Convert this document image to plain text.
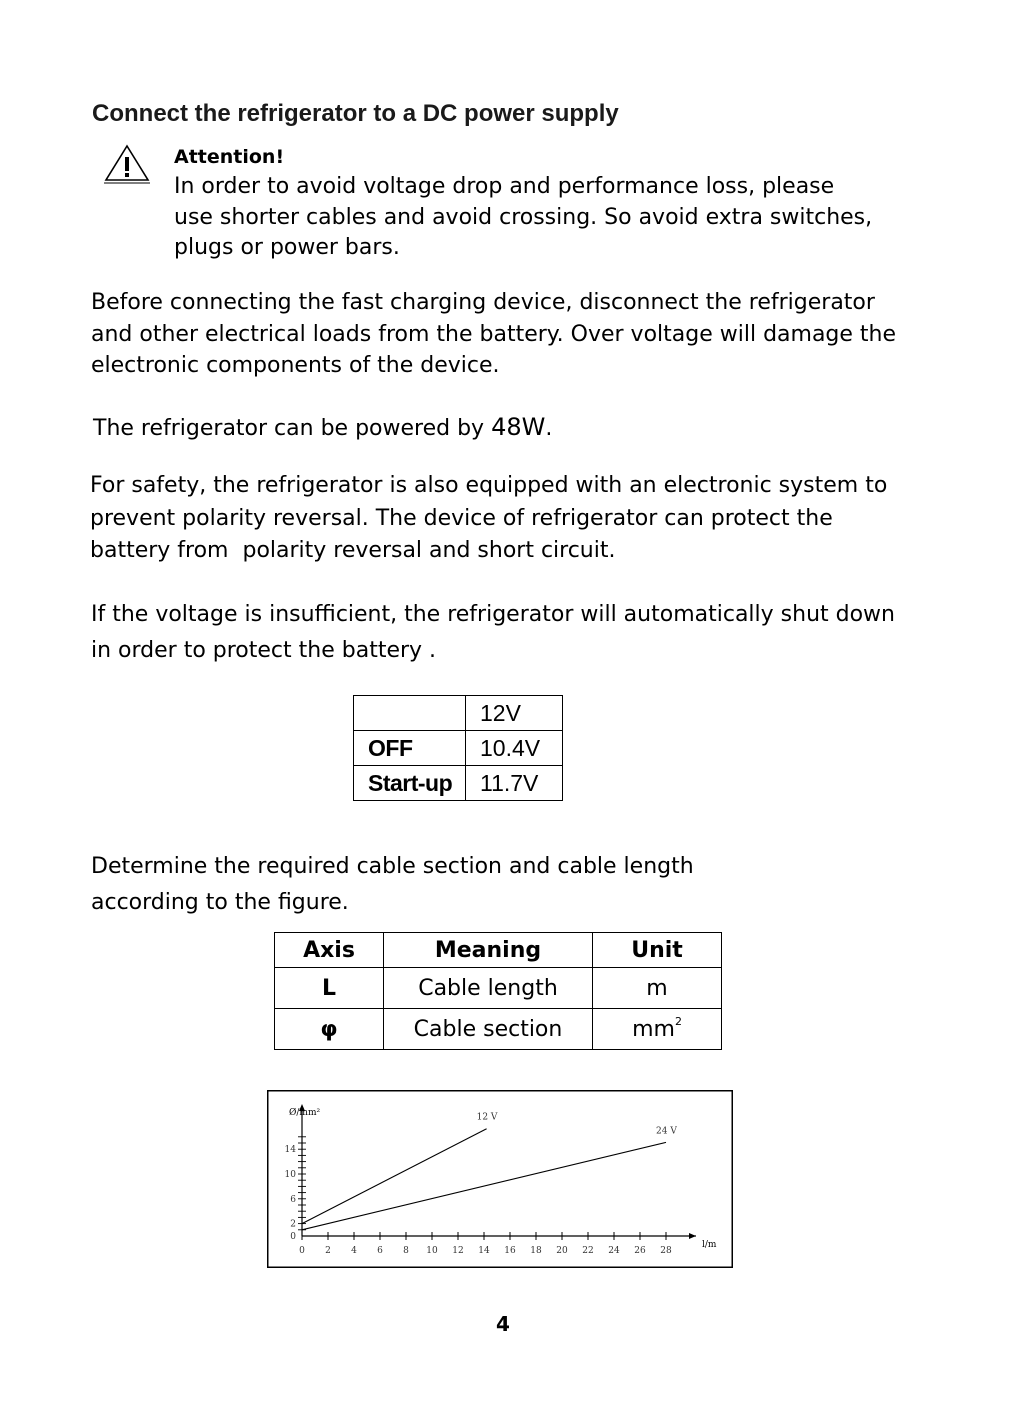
Connect the refrigerator to a DC power supply
Attention!
In order to avoid voltage drop and performance loss, please
use shorter cables and avoid crossing. So avoid extra switches,
plugs or power bars.
Before connecting the fast charging device, disconnect the refrigerator
and other electrical loads from the battery. Over voltage will damage the
electronic components of the device.
The refrigerator can be powered by 48W.
For safety, the refrigerator is also equipped with an electronic system to
prevent polarity reversal. The device of refrigerator can protect the
battery from  polarity reversal and short circuit.
If the voltage is insufficient, the refrigerator will automatically shut down
in order to protect the battery .
	12V
OFF	10.4V
Start-up	11.7V
Determine the required cable section and cable length
according to the figure.
Axis	Meaning	Unit
L	Cable length	m
φ	Cable section	$mm^2$
Ø/mm²
l/m
0 2 4 6 8 10 12 14 16 18 20 22 24 26 28
0
2
6
10
14
12 V
24 V
4
